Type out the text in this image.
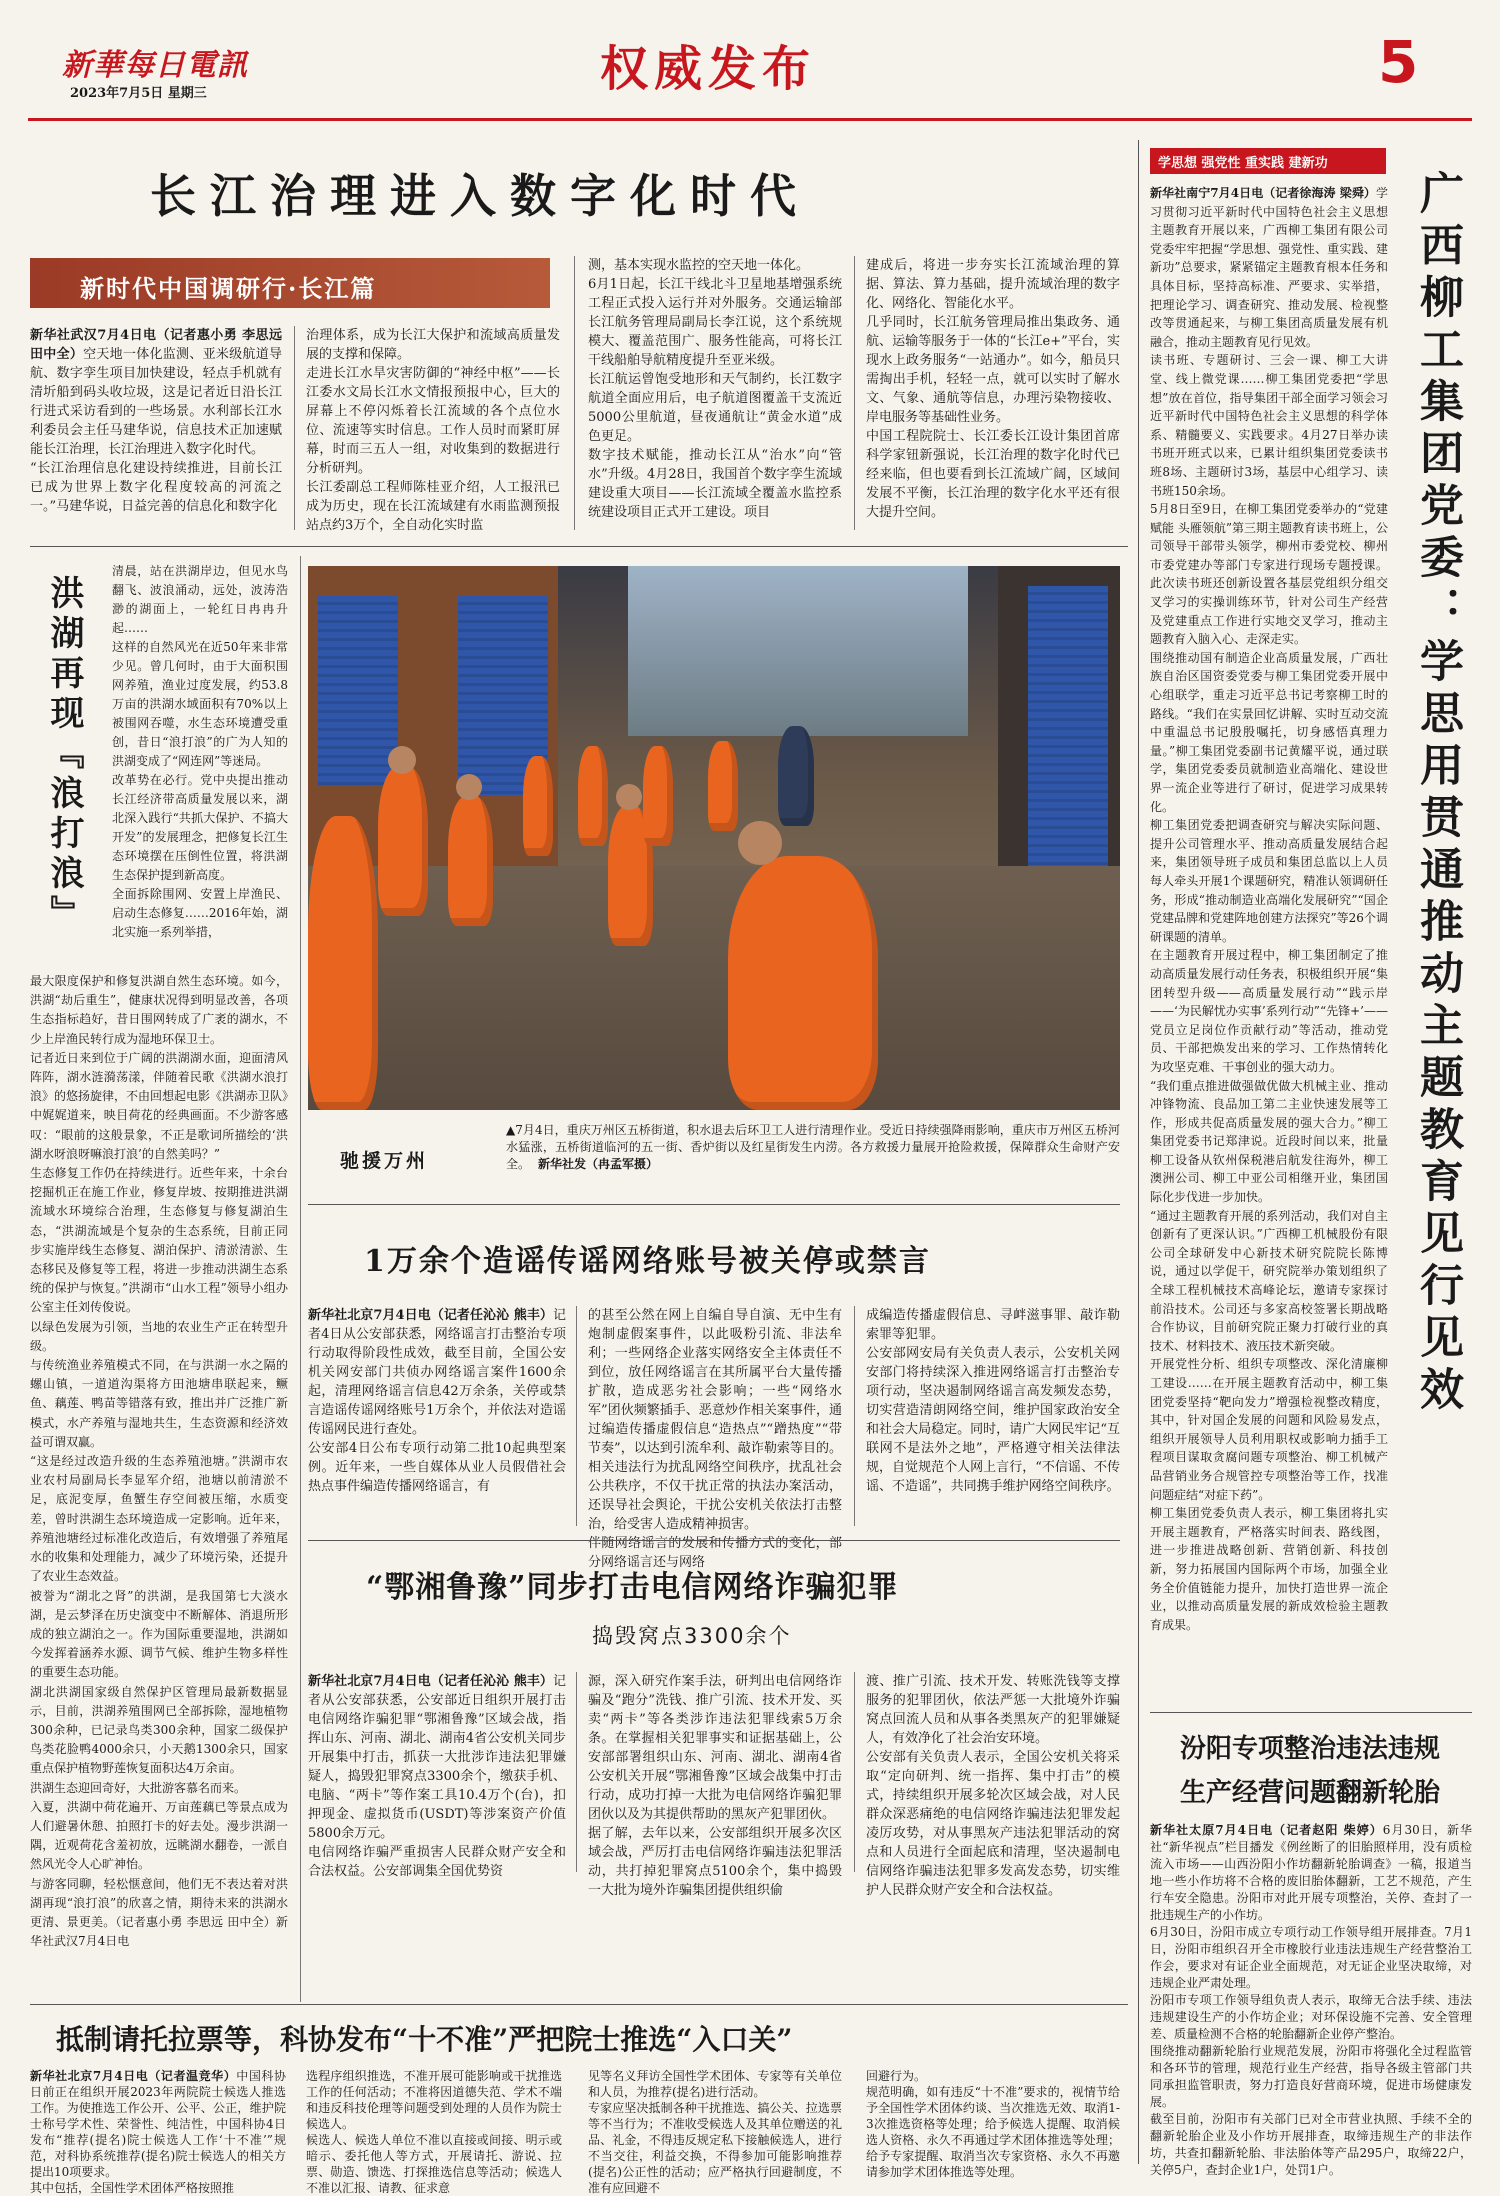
新華每日電訊
2023年7月5日 星期三	权威发布	5
长江治理进入数字化时代
新时代中国调研行·长江篇
新华社武汉7月4日电（记者惠小勇 李思远 田中全）空天地一体化监测、亚米级航道导航、数字孪生项目加快建设，轻点手机就有清圻船到码头收垃圾，这是记者近日沿长江行进式采访看到的一些场景。水利部长江水利委员会主任马建华说，信息技术正加速赋能长江治理，长江治理进入数字化时代。
“长江治理信息化建设持续推进，目前长江已成为世界上数字化程度较高的河流之一。”马建华说，日益完善的信息化和数字化
治理体系，成为长江大保护和流域高质量发展的支撑和保障。
走进长江水旱灾害防御的“神经中枢”——长江委水文局长江水文情报预报中心，巨大的屏幕上不停闪烁着长江流域的各个点位水位、流速等实时信息。工作人员时而紧盯屏幕，时而三五人一组，对收集到的数据进行分析研判。
长江委副总工程师陈桂亚介绍，人工报汛已成为历史，现在长江流域建有水雨监测预报站点约3万个，全自动化实时监
测，基本实现水监控的空天地一体化。
6月1日起，长江干线北斗卫星地基增强系统工程正式投入运行并对外服务。交通运输部长江航务管理局副局长李江说，这个系统规模大、覆盖范围广、服务性能高，可将长江干线船舶导航精度提升至亚米级。
长江航运曾饱受地形和天气制约，长江数字航道全面应用后，电子航道图覆盖干支流近5000公里航道，昼夜通航让“黄金水道”成色更足。
数字技术赋能，推动长江从“治水”向“管水”升级。4月28日，我国首个数字孪生流域建设重大项目——长江流域全覆盖水监控系统建设项目正式开工建设。项目
建成后，将进一步夯实长江流域治理的算据、算法、算力基础，提升流域治理的数字化、网络化、智能化水平。
几乎同时，长江航务管理局推出集政务、通航、运输等服务于一体的“长江e+”平台，实现水上政务服务“一站通办”。如今，船员只需掏出手机，轻轻一点，就可以实时了解水文、气象、通航等信息，办理污染物接收、岸电服务等基础性业务。
中国工程院院士、长江委长江设计集团首席科学家钮新强说，长江治理的数字化时代已经来临，但也要看到长江流域广阔，区域间发展不平衡，长江治理的数字化水平还有很大提升空间。
洪湖再现『浪打浪』
清晨，站在洪湖岸边，但见水鸟翻飞、波浪涌动，远处，波涛浩渺的湖面上，一轮红日冉冉升起……
这样的自然风光在近50年来非常少见。曾几何时，由于大面积围网养殖，渔业过度发展，约53.8万亩的洪湖水域面积有70%以上被围网吞噬，水生态环境遭受重创，昔日“浪打浪”的广为人知的洪湖变成了“网连网”等迷局。
改革势在必行。党中央提出推动长江经济带高质量发展以来，湖北深入践行“共抓大保护、不搞大开发”的发展理念，把修复长江生态环境摆在压倒性位置，将洪湖生态保护提到新高度。
全面拆除围网、安置上岸渔民、启动生态修复……2016年始，湖北实施一系列举措，
最大限度保护和修复洪湖自然生态环境。如今，洪湖“劫后重生”，健康状况得到明显改善，各项生态指标趋好，昔日围网转成了广袤的湖水，不少上岸渔民转行成为湿地环保卫士。
记者近日来到位于广阔的洪湖湖水面，迎面清风阵阵，湖水涟漪荡漾，伴随着民歌《洪湖水浪打浪》的悠扬旋律，不由回想起电影《洪湖赤卫队》中娓娓道来，映目荷花的经典画面。不少游客感叹：“眼前的这般景象，不正是歌词所描绘的‘洪湖水呀浪呀嘛浪打浪’的自然美吗？”
生态修复工作仍在持续进行。近些年来，十余台挖掘机正在施工作业，修复岸坡、按期推进洪湖流域水环境综合治理，生态修复与修复湖泊生态，“洪湖流域是个复杂的生态系统，目前正同步实施岸线生态修复、湖泊保护、清淤清淤、生态移民及修复等工程，将进一步推动洪湖生态系统的保护与恢复。”洪湖市“山水工程”领导小组办公室主任刘传俊说。
以绿色发展为引领，当地的农业生产正在转型升级。
与传统渔业养殖模式不同，在与洪湖一水之隔的螺山镇，一道道沟渠将方田池塘串联起来，鳜鱼、藕莲、鸭苗等错落有致，推出并广泛推广新模式，水产养殖与湿地共生，生态资源和经济效益可谓双赢。
“这是经过改造升级的生态养殖池塘。”洪湖市农业农村局副局长李显军介绍，池塘以前清淤不足，底泥变厚，鱼蟹生存空间被压缩，水质变差，曾时洪湖生态环境造成一定影响。近年来，养殖池塘经过标准化改造后，有效增强了养殖尾水的收集和处理能力，减少了环境污染，还提升了农业生态效益。
被誉为“湖北之肾”的洪湖，是我国第七大淡水湖，是云梦泽在历史演变中不断解体、消退所形成的独立湖泊之一。作为国际重要湿地，洪湖如今发挥着涵养水源、调节气候、维护生物多样性的重要生态功能。
湖北洪湖国家级自然保护区管理局最新数据显示，目前，洪湖养殖围网已全部拆除，湿地植物300余种，已记录鸟类300余种，国家二级保护鸟类花脸鸭4000余只，小天鹅1300余只，国家重点保护植物野莲恢复面积达4万余亩。
洪湖生态迎回奇好，大批游客慕名而来。
入夏，洪湖中荷花遍开、万亩莲藕已等景点成为人们避暑休憩、拍照打卡的好去处。漫步洪湖一隅，近观荷花含羞初放，远眺湖水翻卷，一派自然风光令人心旷神怡。
与游客同聊，轻松惬意间，他们无不表达着对洪湖再现“浪打浪”的欣喜之情，期待未来的洪湖水更清、景更美。（记者惠小勇 李思远 田中全）新华社武汉7月4日电
驰援万州
▲7月4日，重庆万州区五桥街道，积水退去后环卫工人进行清理作业。受近日持续强降雨影响，重庆市万州区五桥河水猛涨，五桥街道临河的五一街、香炉街以及红星街发生内涝。各方救援力量展开抢险救援，保障群众生命财产安全。 新华社发（冉孟军摄）
1万余个造谣传谣网络账号被关停或禁言
新华社北京7月4日电（记者任沁沁 熊丰）记者4日从公安部获悉，网络谣言打击整治专项行动取得阶段性成效，截至目前，全国公安机关网安部门共侦办网络谣言案件1600余起，清理网络谣言信息42万余条，关停或禁言造谣传谣网络账号1万余个，并依法对造谣传谣网民进行查处。
公安部4日公布专项行动第二批10起典型案例。近年来，一些自媒体从业人员假借社会热点事件编造传播网络谣言，有
的甚至公然在网上自编自导自演、无中生有炮制虚假案事件，以此吸粉引流、非法牟利；一些网络企业落实网络安全主体责任不到位，放任网络谣言在其所属平台大量传播扩散，造成恶劣社会影响；一些“网络水军”团伙频繁插手、恶意炒作相关案事件，通过编造传播虚假信息“造热点”“蹭热度”“带节奏”，以达到引流牟利、敲诈勒索等目的。相关违法行为扰乱网络空间秩序，扰乱社会公共秩序，不仅干扰正常的执法办案活动，还误导社会舆论，干扰公安机关依法打击整治，给受害人造成精神损害。
伴随网络谣言的发展和传播方式的变化，部分网络谣言还与网络
成编造传播虚假信息、寻衅滋事罪、敲诈勒索罪等犯罪。
公安部网安局有关负责人表示，公安机关网安部门将持续深入推进网络谣言打击整治专项行动，坚决遏制网络谣言高发频发态势，切实营造清朗网络空间，维护国家政治安全和社会大局稳定。同时，请广大网民牢记“互联网不是法外之地”，严格遵守相关法律法规，自觉规范个人网上言行，“不信谣、不传谣、不造谣”，共同携手维护网络空间秩序。
“鄂湘鲁豫”同步打击电信网络诈骗犯罪
捣毁窝点3300余个
新华社北京7月4日电（记者任沁沁 熊丰）记者从公安部获悉，公安部近日组织开展打击电信网络诈骗犯罪“鄂湘鲁豫”区域会战，指挥山东、河南、湖北、湖南4省公安机关同步开展集中打击，抓获一大批涉诈违法犯罪嫌疑人，捣毁犯罪窝点3300余个，缴获手机、电脑、“两卡”等作案工具10.4万个(台)，扣押现金、虚拟货币(USDT)等涉案资产价值5800余万元。
电信网络诈骗严重损害人民群众财产安全和合法权益。公安部调集全国优势资
源，深入研究作案手法，研判出电信网络诈骗及“跑分”洗钱、推广引流、技术开发、买卖“两卡”等各类涉诈违法犯罪线索5万余条。在掌握相关犯罪事实和证据基础上，公安部部署组织山东、河南、湖北、湖南4省公安机关开展“鄂湘鲁豫”区域会战集中打击行动，成功打掉一大批为电信网络诈骗犯罪团伙以及为其提供帮助的黑灰产犯罪团伙。
据了解，去年以来，公安部组织开展多次区域会战，严厉打击电信网络诈骗违法犯罪活动，共打掉犯罪窝点5100余个，集中捣毁一大批为境外诈骗集团提供组织偷
渡、推广引流、技术开发、转账洗钱等支撑服务的犯罪团伙，依法严惩一大批境外诈骗窝点回流人员和从事各类黑灰产的犯罪嫌疑人，有效净化了社会治安环境。
公安部有关负责人表示，全国公安机关将采取“定向研判、统一指挥、集中打击”的模式，持续组织开展多轮次区域会战，对人民群众深恶痛绝的电信网络诈骗违法犯罪发起凌厉攻势，对从事黑灰产违法犯罪活动的窝点和人员进行全面起底和清理，坚决遏制电信网络诈骗违法犯罪多发高发态势，切实维护人民群众财产安全和合法权益。
抵制请托拉票等，科协发布“十不准”严把院士推选“入口关”
新华社北京7月4日电（记者温竞华）中国科协日前正在组织开展2023年两院院士候选人推选工作。为使推选工作公开、公平、公正，维护院士称号学术性、荣誉性、纯洁性，中国科协4日发布“推荐(提名)院士候选人工作‘十不准’”规范，对科协系统推荐(提名)院士候选人的相关方提出10项要求。
其中包括，全国性学术团体严格按照推
选程序组织推选，不准开展可能影响或干扰推选工作的任何活动；不准将因道德失范、学术不端和违反科技伦理等问题受到处理的人员作为院士候选人。
候选人、候选人单位不准以直接或间接、明示或暗示、委托他人等方式，开展请托、游说、拉票、勋造、馈选、打探推选信息等活动；候选人不准以汇报、请教、征求意
见等名义拜访全国性学术团体、专家等有关单位和人员，为推荐(提名)进行活动。
专家应坚决抵制各种干扰推选、搞公关、拉选票等不当行为；不准收受候选人及其单位赠送的礼品、礼金，不得违反规定私下接触候选人，进行不当交往，利益交换，不得参加可能影响推荐(提名)公正性的活动；应严格执行回避制度，不准有应回避不
回避行为。
规范明确，如有违反“十不准”要求的，视情节给予全国性学术团体约谈、当次推选无效、取消1-3次推选资格等处理；给予候选人提醒、取消候选人资格、永久不再通过学术团体推选等处理；给予专家提醒、取消当次专家资格、永久不再邀请参加学术团体推选等处理。
学思想 强党性 重实践 建新功
广西柳工集团党委：学思用贯通推动主题教育见行见效
新华社南宁7月4日电（记者徐海涛 梁舜）学习贯彻习近平新时代中国特色社会主义思想主题教育开展以来，广西柳工集团有限公司党委牢牢把握“学思想、强党性、重实践、建新功”总要求，紧紧锚定主题教育根本任务和具体目标，坚持高标准、严要求、实举措，把理论学习、调查研究、推动发展、检视整改等贯通起来，与柳工集团高质量发展有机融合，推动主题教育见行见效。
读书班、专题研讨、三会一课、柳工大讲堂、线上微党课……柳工集团党委把“学思想”放在首位，指导集团干部全面学习领会习近平新时代中国特色社会主义思想的科学体系、精髓要义、实践要求。4月27日举办读书班开班式以来，已累计组织集团党委读书班8场、主题研讨3场，基层中心组学习、读书班150余场。
5月8日至9日，在柳工集团党委举办的“党建赋能 头雁领航”第三期主题教育读书班上，公司领导干部带头领学，柳州市委党校、柳州市委党建办等部门专家进行现场专题授课。此次读书班还创新设置各基层党组织分组交叉学习的实操训练环节，针对公司生产经营及党建重点工作进行实地交叉学习，推动主题教育入脑入心、走深走实。
围绕推动国有制造企业高质量发展，广西壮族自治区国资委党委与柳工集团党委开展中心组联学，重走习近平总书记考察柳工时的路线。“我们在实景回忆讲解、实时互动交流中重温总书记殷殷嘱托，切身感悟真理力量。”柳工集团党委副书记黄耀平说，通过联学，集团党委委员就制造业高端化、建设世界一流企业等进行了研讨，促进学习成果转化。
柳工集团党委把调查研究与解决实际问题、提升公司管理水平、推动高质量发展结合起来，集团领导班子成员和集团总监以上人员每人牵头开展1个课题研究，精准认领调研任务，形成“推动制造业高端化发展研究”“国企党建品牌和党建阵地创建方法探究”等26个调研课题的清单。
在主题教育开展过程中，柳工集团制定了推动高质量发展行动任务表，积极组织开展“集团转型升级——高质量发展行动”“践示岸——‘为民解忧办实事’系列行动”“先锋+’——党员立足岗位作贡献行动”等活动，推动党员、干部把焕发出来的学习、工作热情转化为攻坚克难、干事创业的强大动力。
“我们重点推进做强做优做大机械主业、推动冲锋物流、良品加工第二主业快速发展等工作，形成共促高质量发展的强大合力。”柳工集团党委书记郑津说。近段时间以来，批量柳工设备从钦州保税港启航发往海外，柳工澳洲公司、柳工中亚公司相继开业，集团国际化步伐进一步加快。
“通过主题教育开展的系列活动，我们对自主创新有了更深认识。”广西柳工机械股份有限公司全球研发中心新技术研究院院长陈博说，通过以学促干，研究院举办策划组织了全球工程机械技术高峰论坛，邀请专家探讨前沿技术。公司还与多家高校签署长期战略合作协议，目前研究院正聚力打破行业的真技术、材料技术、液压技术新突破。
开展党性分析、组织专项整改、深化清廉柳工建设……在开展主题教育活动中，柳工集团党委坚持“靶向发力”增强检视整改精度，其中，针对国企发展的问题和风险易发点，组织开展领导人员利用职权或影响力插手工程项目谋取贪腐问题专项整治、柳工机械产品营销业务合规管控专项整治等工作，找准问题症结“对症下药”。
柳工集团党委负责人表示，柳工集团将扎实开展主题教育，严格落实时间表、路线图，进一步推进战略创新、营销创新、科技创新，努力拓展国内国际两个市场，加强全业务全价值链能力提升，加快打造世界一流企业，以推动高质量发展的新成效检验主题教育成果。
汾阳专项整治违法违规
生产经营问题翻新轮胎
新华社太原7月4日电（记者赵阳 柴婷）6月30日，新华社“新华视点”栏目播发《例丝断了的旧胎照样用，没有质检流入市场——山西汾阳小作坊翻新轮胎调查》一稿，报道当地一些小作坊将不合格的废旧胎体翻新，工艺不规范，产生行车安全隐患。汾阳市对此开展专项整治，关停、查封了一批违规生产的小作坊。
6月30日，汾阳市成立专项行动工作领导组开展排查。7月1日，汾阳市组织召开全市橡胶行业违法违规生产经营整治工作会，要求对有证企业全面规范，对无证企业坚决取缔，对违规企业严肃处理。
汾阳市专项工作领导组负责人表示，取缔无合法手续、违法违规建设生产的小作坊企业；对环保设施不完善、安全管理差、质量检测不合格的轮胎翻新企业停产整治。
围绕推动翻新轮胎行业规范发展，汾阳市将强化全过程监管和各环节的管理，规范行业生产经营，指导各级主管部门共同承担监管职责，努力打造良好营商环境，促进市场健康发展。
截至目前，汾阳市有关部门已对全市营业执照、手续不全的翻新轮胎企业及小作坊开展排查，取缔违规生产的非法作坊，共查扣翻新轮胎、非法胎体等产品295户，取缔22户，关停5户，查封企业1户，处罚1户。
